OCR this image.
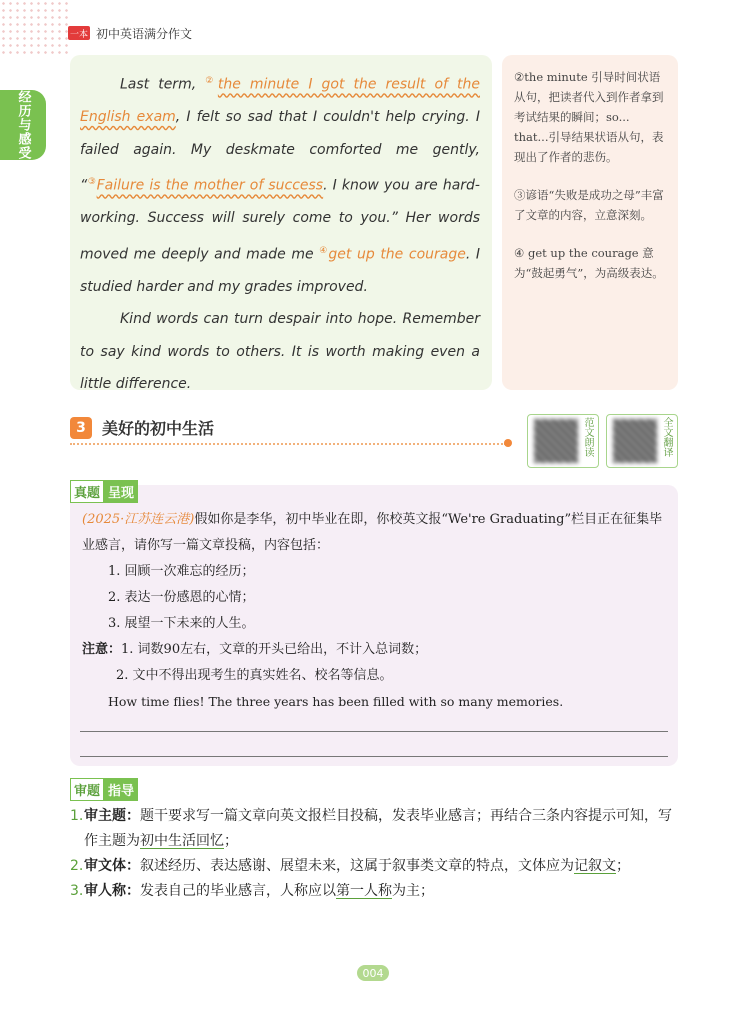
一本 初中英语满分作文
经历与感受

Last term, ②the minute I got the result of the English exam, I felt so sad that I couldn't help crying. I failed again. My deskmate comforted me gently, “③Failure is the mother of success. I know you are hard-working. Success will surely come to you.” Her words moved me deeply and made me ④get up the courage. I studied harder and my grades improved.

Kind words can turn despair into hope. Remember to say kind words to others. It is worth making even a little difference.

②the minute 引导时间状语从句，把读者代入到作者拿到考试结果的瞬间；so... that...引导结果状语从句，表现出了作者的悲伤。
③谚语“失败是成功之母”丰富了文章的内容，立意深刻。
④ get up the courage 意为“鼓起勇气”，为高级表达。
3	美好的初中生活	范文朗读	全文翻译
(2025·江苏连云港)假如你是李华，初中毕业在即，你校英文报“We're Graduating”栏目正在征集毕业感言，请你写一篇文章投稿，内容包括：
1. 回顾一次难忘的经历；
2. 表达一份感恩的心情；
3. 展望一下未来的人生。
注意：1. 词数90左右，文章的开头已给出，不计入总词数；
2. 文中不得出现考生的真实姓名、校名等信息。
How time flies! The three years has been filled with so many memories.
真题 呈现
审题 指导
1. 审主题：题干要求写一篇文章向英文报栏目投稿，发表毕业感言；再结合三条内容提示可知，写作主题为初中生活回忆；
2. 审文体：叙述经历、表达感谢、展望未来，这属于叙事类文章的特点，文体应为记叙文；
3. 审人称：发表自己的毕业感言，人称应以第一人称为主；
004
